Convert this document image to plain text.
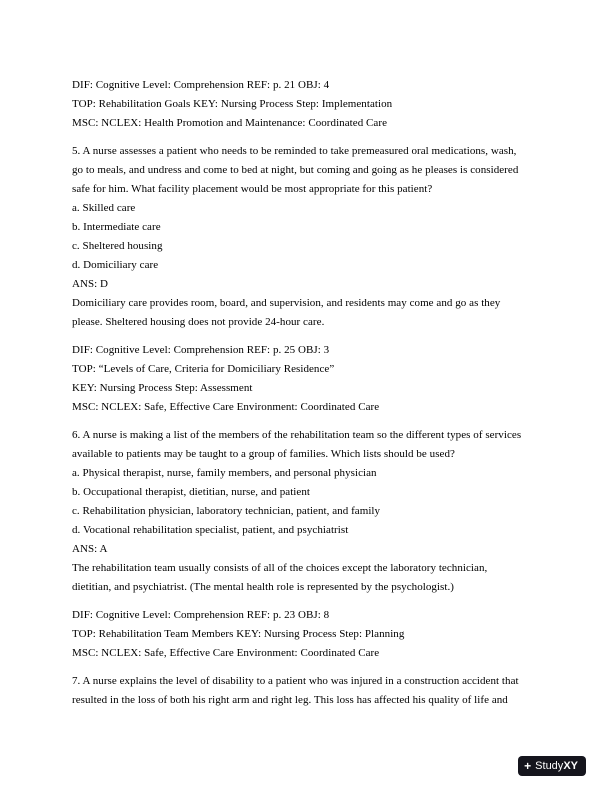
DIF: Cognitive Level: Comprehension REF: p. 21 OBJ: 4
TOP: Rehabilitation Goals KEY: Nursing Process Step: Implementation
MSC: NCLEX: Health Promotion and Maintenance: Coordinated Care
5. A nurse assesses a patient who needs to be reminded to take premeasured oral medications, wash,
go to meals, and undress and come to bed at night, but coming and going as he pleases is considered
safe for him. What facility placement would be most appropriate for this patient?
a. Skilled care
b. Intermediate care
c. Sheltered housing
d. Domiciliary care
ANS: D
Domiciliary care provides room, board, and supervision, and residents may come and go as they
please. Sheltered housing does not provide 24-hour care.
DIF: Cognitive Level: Comprehension REF: p. 25 OBJ: 3
TOP: “Levels of Care, Criteria for Domiciliary Residence”
KEY: Nursing Process Step: Assessment
MSC: NCLEX: Safe, Effective Care Environment: Coordinated Care
6. A nurse is making a list of the members of the rehabilitation team so the different types of services
available to patients may be taught to a group of families. Which lists should be used?
a. Physical therapist, nurse, family members, and personal physician
b. Occupational therapist, dietitian, nurse, and patient
c. Rehabilitation physician, laboratory technician, patient, and family
d. Vocational rehabilitation specialist, patient, and psychiatrist
ANS: A
The rehabilitation team usually consists of all of the choices except the laboratory technician,
dietitian, and psychiatrist. (The mental health role is represented by the psychologist.)
DIF: Cognitive Level: Comprehension REF: p. 23 OBJ: 8
TOP: Rehabilitation Team Members KEY: Nursing Process Step: Planning
MSC: NCLEX: Safe, Effective Care Environment: Coordinated Care
7. A nurse explains the level of disability to a patient who was injured in a construction accident that
resulted in the loss of both his right arm and right leg. This loss has affected his quality of life and
+ Study XY
